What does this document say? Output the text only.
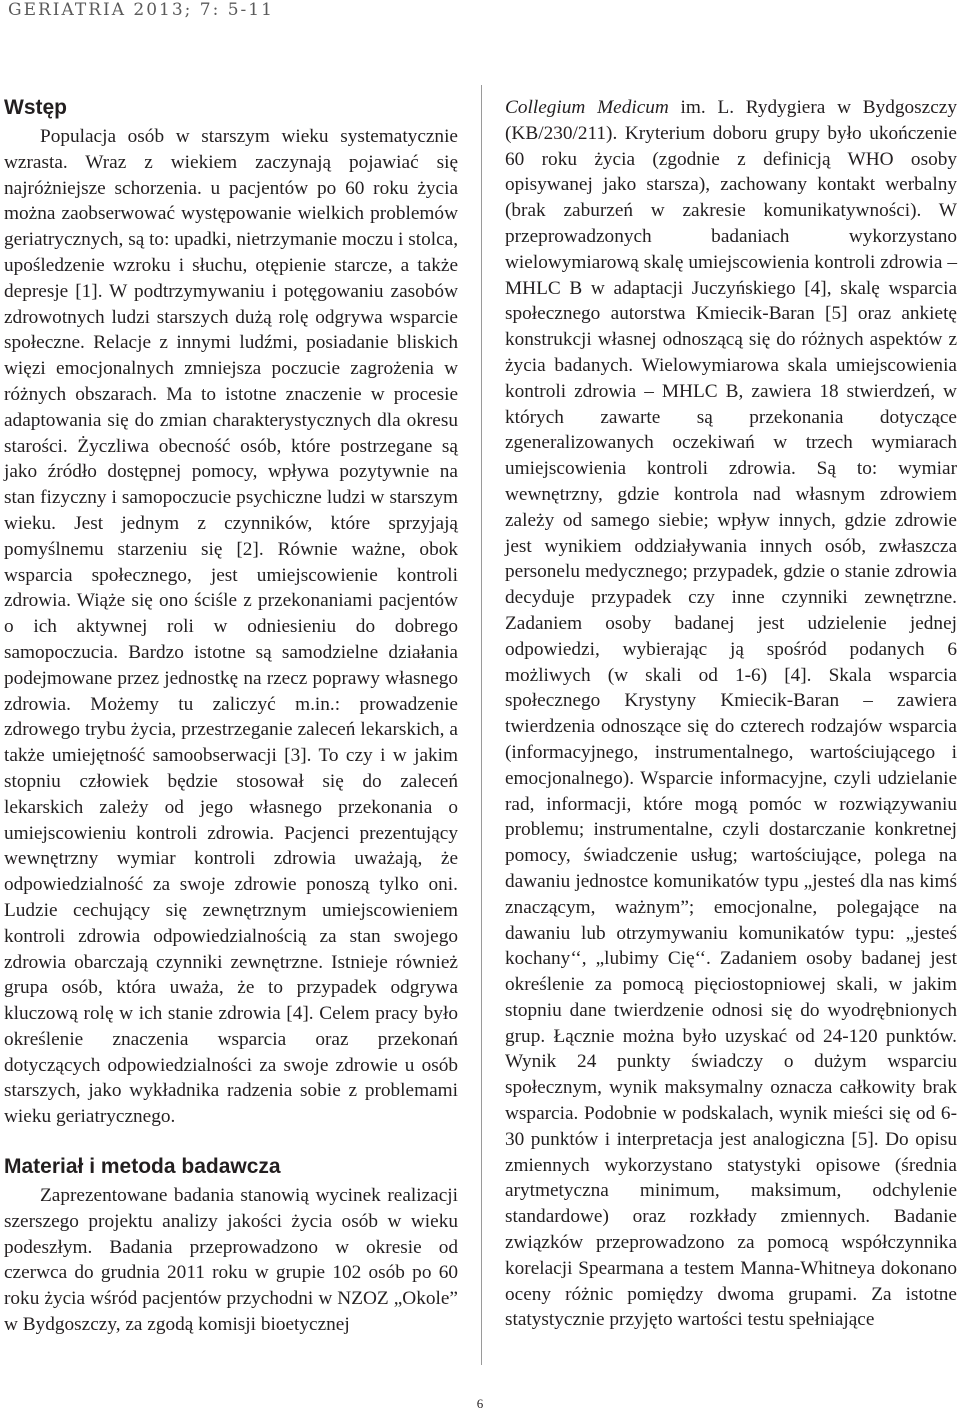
GERIATRIA 2013; 7: 5-11
Wstęp

Populacja osób w starszym wieku systematycznie wzrasta. Wraz z wiekiem zaczynają pojawiać się najróżniejsze schorzenia. u pacjentów po 60 roku życia można zaobserwować występowanie wielkich problemów geriatrycznych, są to: upadki, nietrzymanie moczu i stolca, upośledzenie wzroku i słuchu, otępienie starcze, a także depresje [1]. W podtrzymywaniu i potęgowaniu zasobów zdrowotnych ludzi starszych dużą rolę odgrywa wsparcie społeczne. Relacje z innymi ludźmi, posiadanie bliskich więzi emocjonalnych zmniejsza poczucie zagrożenia w różnych obszarach. Ma to istotne znaczenie w procesie adaptowania się do zmian charakterystycznych dla okresu starości. Życzliwa obecność osób, które postrzegane są jako źródło dostępnej pomocy, wpływa pozytywnie na stan fizyczny i samopoczucie psychiczne ludzi w starszym wieku. Jest jednym z czynników, które sprzyjają pomyślnemu starzeniu się [2]. Równie ważne, obok wsparcia społecznego, jest umiejscowienie kontroli zdrowia. Wiąże się ono ściśle z przekonaniami pacjentów o ich aktywnej roli w odniesieniu do dobrego samopoczucia. Bardzo istotne są samodzielne działania podejmowane przez jednostkę na rzecz poprawy własnego zdrowia. Możemy tu zaliczyć m.in.: prowadzenie zdrowego trybu życia, przestrzeganie zaleceń lekarskich, a także umiejętność samoobserwacji [3]. To czy i w jakim stopniu człowiek będzie stosował się do zaleceń lekarskich zależy od jego własnego przekonania o umiejscowieniu kontroli zdrowia. Pacjenci prezentujący wewnętrzny wymiar kontroli zdrowia uważają, że odpowiedzialność za swoje zdrowie ponoszą tylko oni. Ludzie cechujący się zewnętrznym umiejscowieniem kontroli zdrowia odpowiedzialnością za stan swojego zdrowia obarczają czynniki zewnętrzne. Istnieje również grupa osób, która uważa, że to przypadek odgrywa kluczową rolę w ich stanie zdrowia [4]. Celem pracy było określenie znaczenia wsparcia oraz przekonań dotyczących odpowiedzialności za swoje zdrowie u osób starszych, jako wykładnika radzenia sobie z problemami wieku geriatrycznego.

Materiał i metoda badawcza

Zaprezentowane badania stanowią wycinek realizacji szerszego projektu analizy jakości życia osób w wieku podeszłym. Badania przeprowadzono w okresie od czerwca do grudnia 2011 roku w grupie 102 osób po 60 roku życia wśród pacjentów przychodni w NZOZ „Okole” w Bydgoszczy, za zgodą komisji bioetycznej

Collegium Medicum im. L. Rydygiera w Bydgoszczy (KB/230/211). Kryterium doboru grupy było ukończenie 60 roku życia (zgodnie z definicją WHO osoby opisywanej jako starsza), zachowany kontakt werbalny (brak zaburzeń w zakresie komunikatywności). W przeprowadzonych badaniach wykorzystano wielowymiarową skalę umiejscowienia kontroli zdrowia – MHLC B w adaptacji Juczyńskiego [4], skalę wsparcia społecznego autorstwa Kmiecik-Baran [5] oraz ankietę konstrukcji własnej odnoszącą się do różnych aspektów z życia badanych. Wielowymiarowa skala umiejscowienia kontroli zdrowia – MHLC B, zawiera 18 stwierdzeń, w których zawarte są przekonania dotyczące zgeneralizowanych oczekiwań w trzech wymiarach umiejscowienia kontroli zdrowia. Są to: wymiar wewnętrzny, gdzie kontrola nad własnym zdrowiem zależy od samego siebie; wpływ innych, gdzie zdrowie jest wynikiem oddziaływania innych osób, zwłaszcza personelu medycznego; przypadek, gdzie o stanie zdrowia decyduje przypadek czy inne czynniki zewnętrzne. Zadaniem osoby badanej jest udzielenie jednej odpowiedzi, wybierając ją spośród podanych 6 możliwych (w skali od 1-6) [4]. Skala wsparcia społecznego Krystyny Kmiecik-Baran – zawiera twierdzenia odnoszące się do czterech rodzajów wsparcia (informacyjnego, instrumentalnego, wartościującego i emocjonalnego). Wsparcie informacyjne, czyli udzielanie rad, informacji, które mogą pomóc w rozwiązywaniu problemu; instrumentalne, czyli dostarczanie konkretnej pomocy, świadczenie usług; wartościujące, polega na dawaniu jednostce komunikatów typu „jesteś dla nas kimś znaczącym, ważnym”; emocjonalne, polegające na dawaniu lub otrzymywaniu komunikatów typu: „jesteś kochany‘‘, „lubimy Cię‘‘. Zadaniem osoby badanej jest określenie za pomocą pięciostopniowej skali, w jakim stopniu dane twierdzenie odnosi się do wyodrębnionych grup. Łącznie można było uzyskać od 24-120 punktów. Wynik 24 punkty świadczy o dużym wsparciu społecznym, wynik maksymalny oznacza całkowity brak wsparcia. Podobnie w podskalach, wynik mieści się od 6-30 punktów i interpretacja jest analogiczna [5]. Do opisu zmiennych wykorzystano statystyki opisowe (średnia arytmetyczna minimum, maksimum, odchylenie standardowe) oraz rozkłady zmiennych. Badanie związków przeprowadzono za pomocą współczynnika korelacji Spearmana a testem Manna-Whitneya dokonano oceny różnic pomiędzy dwoma grupami. Za istotne statystycznie przyjęto wartości testu spełniające

6
